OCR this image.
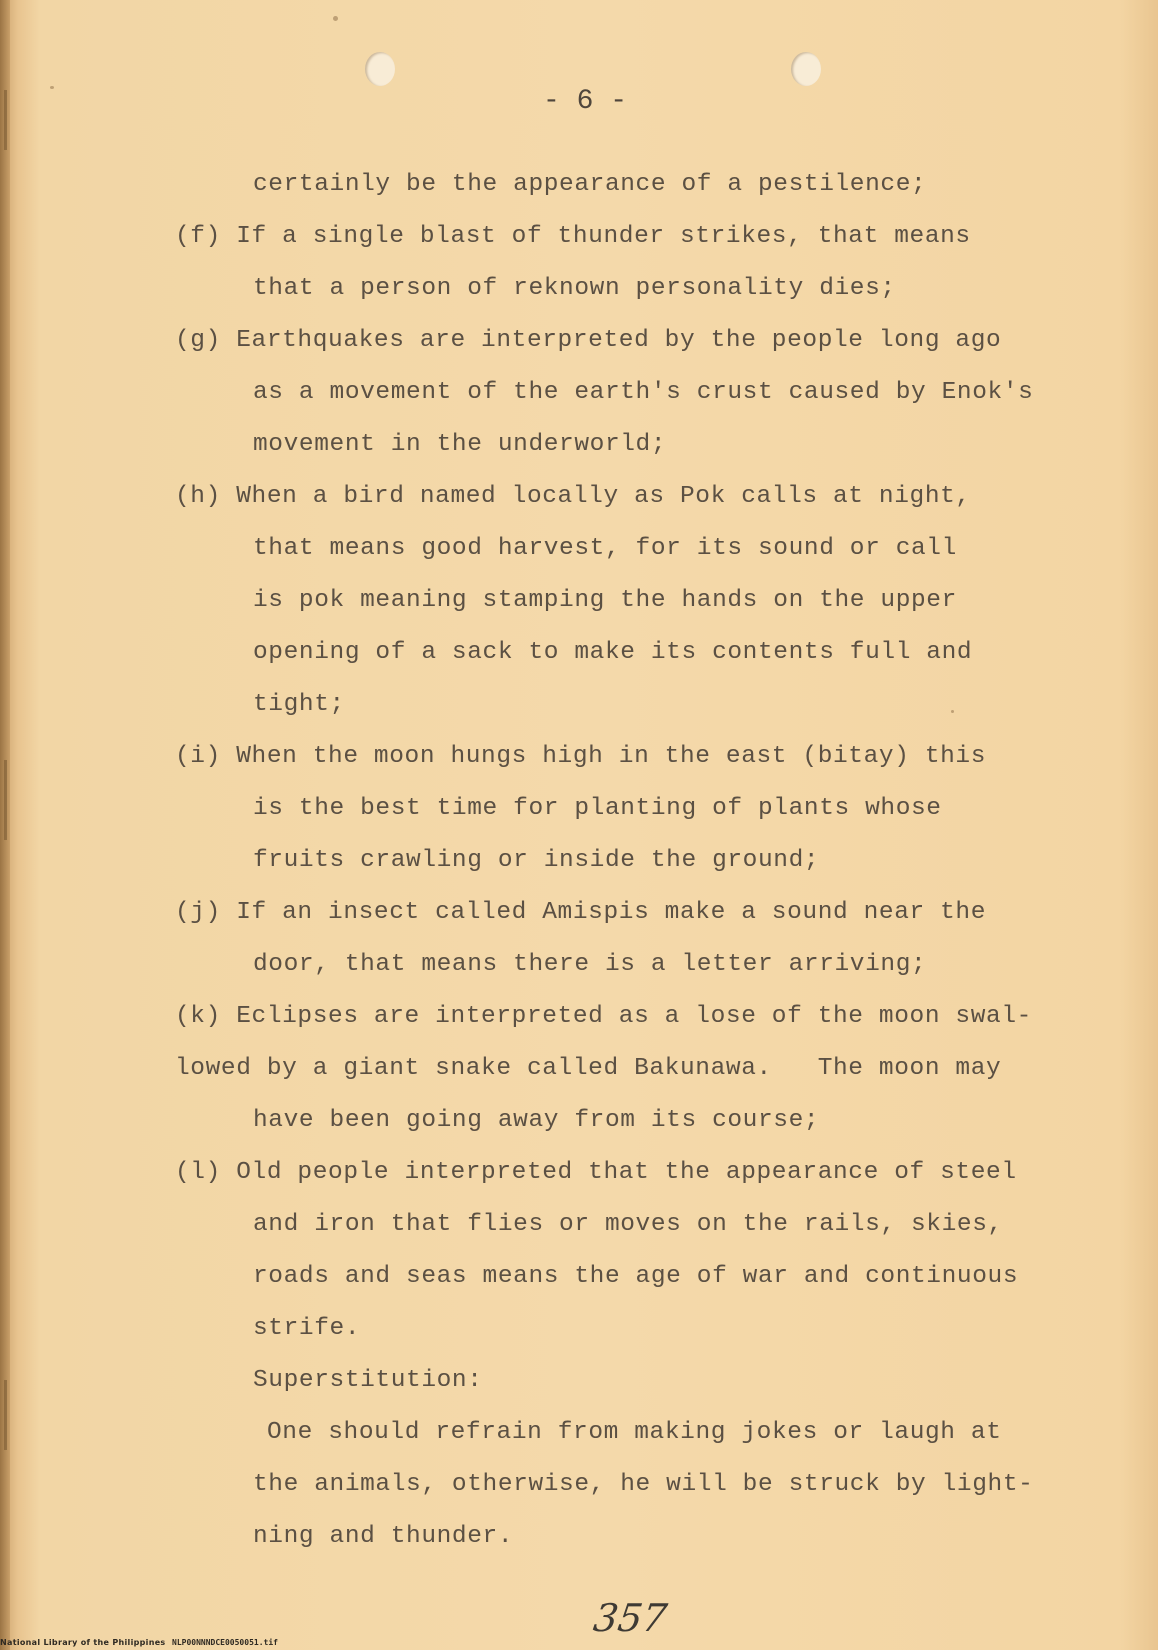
- 6 -
certainly be the appearance of a pestilence;
(f) If a single blast of thunder strikes, that means
that a person of reknown personality dies;
(g) Earthquakes are interpreted by the people long ago
as a movement of the earth's crust caused by Enok's
movement in the underworld;
(h) When a bird named locally as Pok calls at night,
that means good harvest, for its sound or call
is pok meaning stamping the hands on the upper
opening of a sack to make its contents full and
tight;
(i) When the moon hungs high in the east (bitay) this
is the best time for planting of plants whose
fruits crawling or inside the ground;
(j) If an insect called Amispis make a sound near the
door, that means there is a letter arriving;
(k) Eclipses are interpreted as a lose of the moon swal-
lowed by a giant snake called Bakunawa.   The moon may
have been going away from its course;
(l) Old people interpreted that the appearance of steel
and iron that flies or moves on the rails, skies,
roads and seas means the age of war and continuous
strife.
Superstitution:
One should refrain from making jokes or laugh at
the animals, otherwise, he will be struck by light-
ning and thunder.
357
National Library of the Philippines NLP00NNNDCE0050051.tif
